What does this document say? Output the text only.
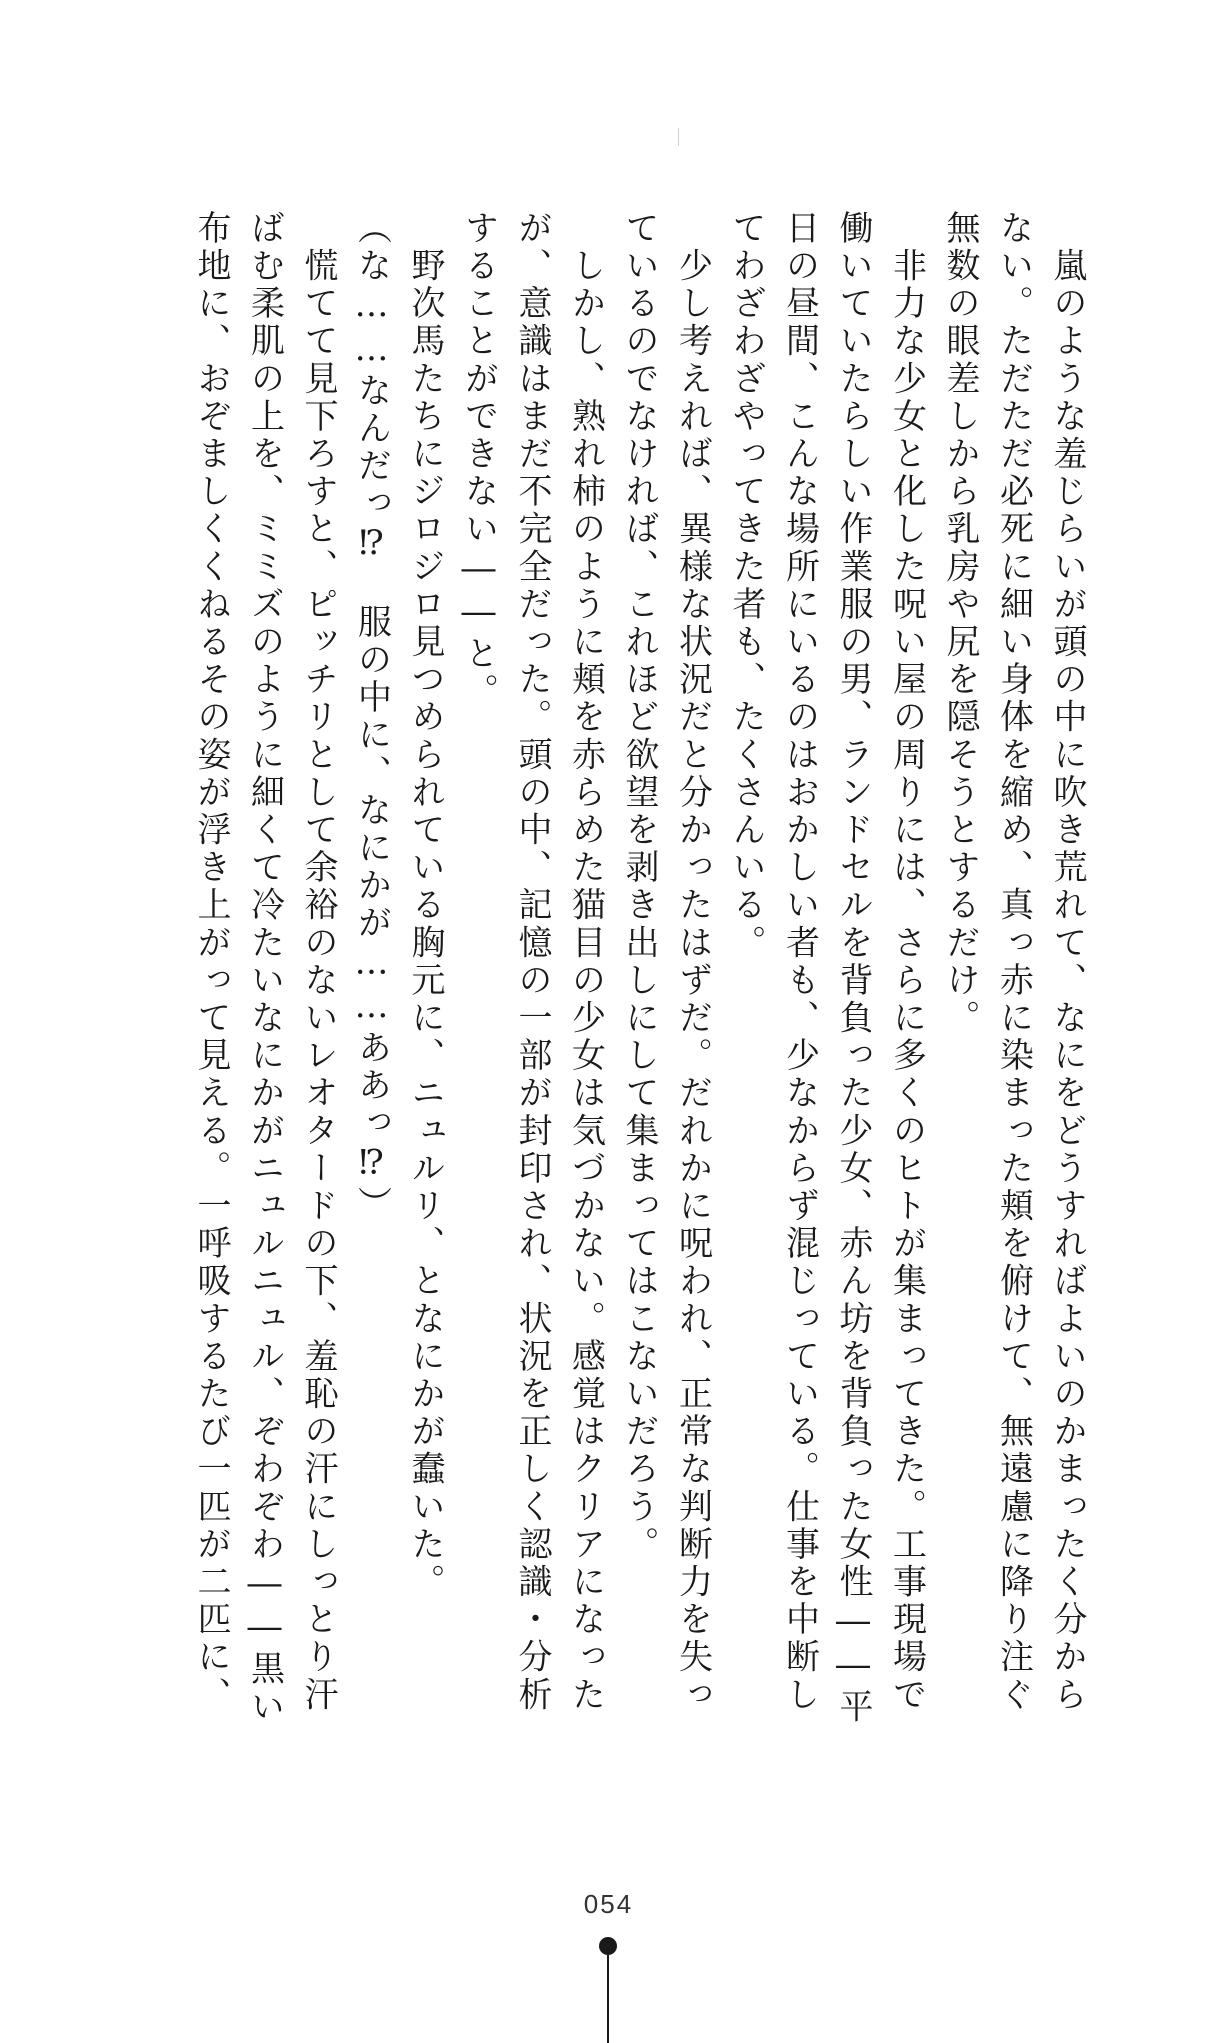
　嵐のような羞じらいが頭の中に吹き荒れて、なにをどうすればよいのかまったく分から
ない。ただただ必死に細い身体を縮め、真っ赤に染まった頬を俯けて、無遠慮に降り注ぐ
無数の眼差しから乳房や尻を隠そうとするだけ。
　非力な少女と化した呪い屋の周りには、さらに多くのヒトが集まってきた。工事現場で
働いていたらしい作業服の男、ランドセルを背負った少女、赤ん坊を背負った女性――平
日の昼間、こんな場所にいるのはおかしい者も、少なからず混じっている。仕事を中断し
てわざわざやってきた者も、たくさんいる。
　少し考えれば、異様な状況だと分かったはずだ。だれかに呪われ、正常な判断力を失っ
ているのでなければ、これほど欲望を剥き出しにして集まってはこないだろう。
　しかし、熟れ柿のように頬を赤らめた猫目の少女は気づかない。感覚はクリアになった
が、意識はまだ不完全だった。頭の中、記憶の一部が封印され、状況を正しく認識・分析
することができない――と。
　野次馬たちにジロジロ見つめられている胸元に、ニュルリ、となにかが蠢いた。
（な……なんだっ⁉　服の中に、なにかが……ああっ⁉）
　慌てて見下ろすと、ピッチリとして余裕のないレオタードの下、羞恥の汗にしっとり汗
ばむ柔肌の上を、ミミズのように細くて冷たいなにかがニュルニュル、ぞわぞわ――黒い
布地に、おぞましくくねるその姿が浮き上がって見える。一呼吸するたび一匹が二匹に、
054
